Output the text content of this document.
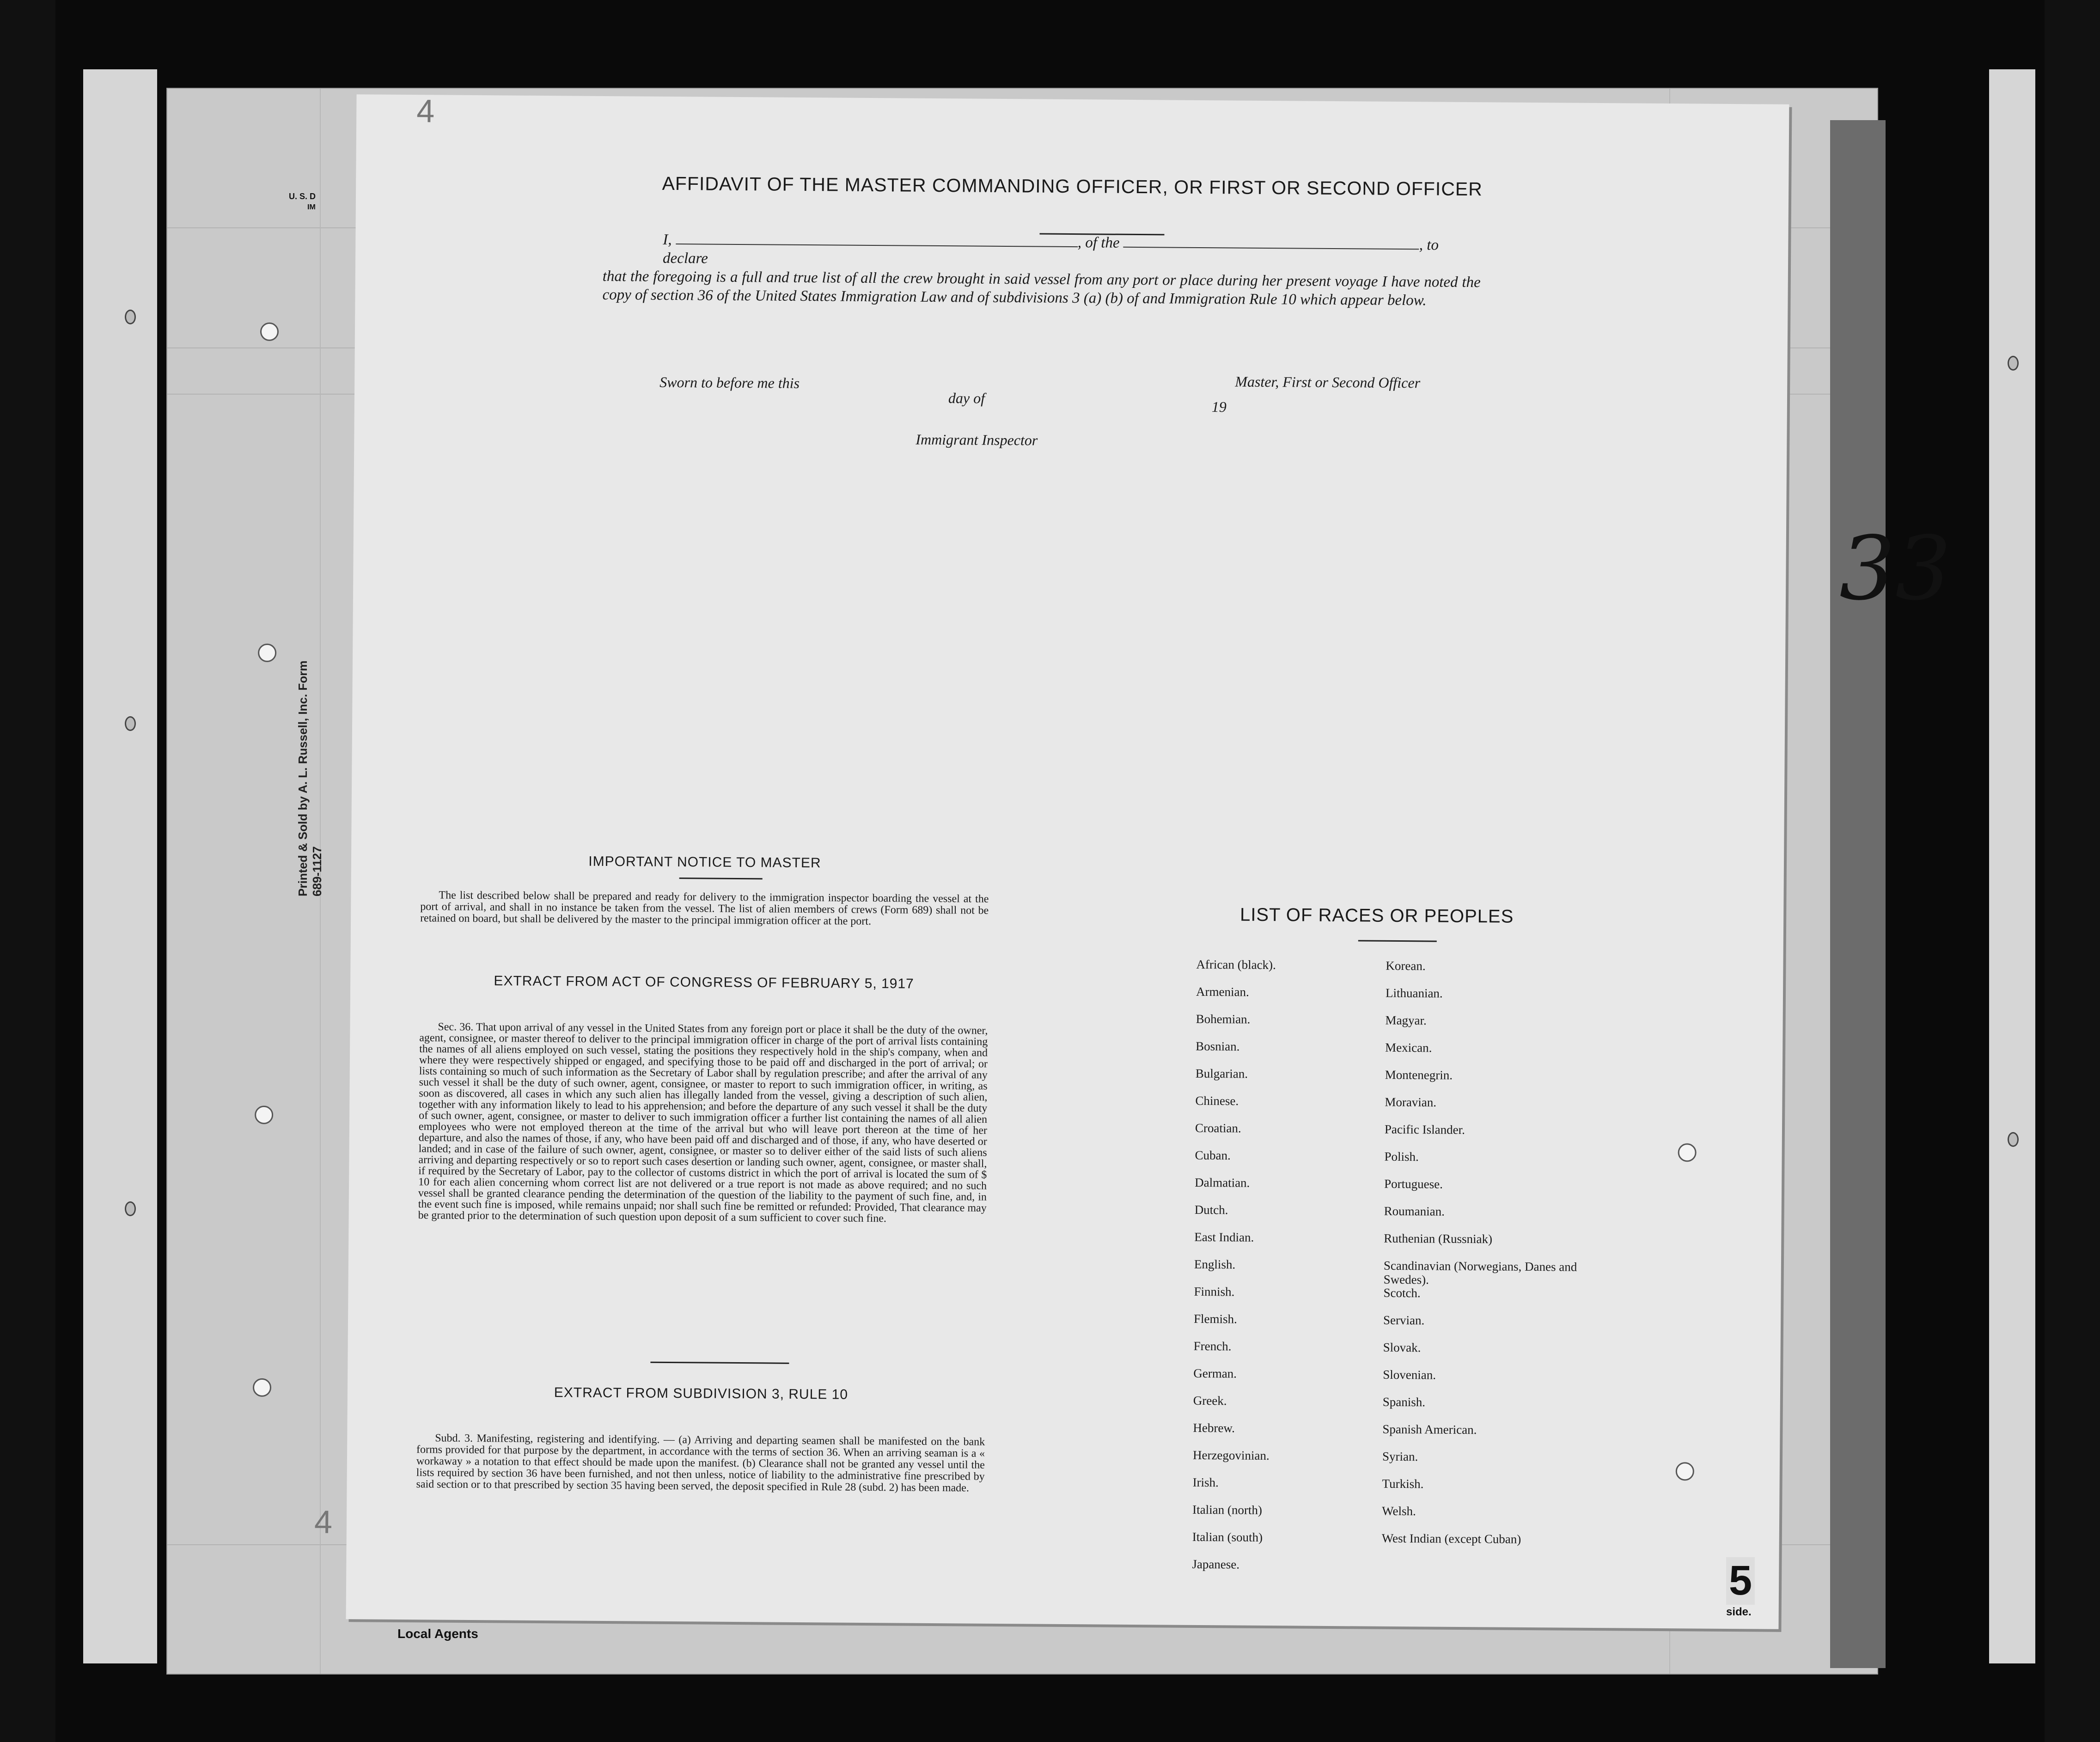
Local Agents
Printed & Sold by A. L. Russell, Inc. Form 689-1127
U. S. D
IM
33
4
AFFIDAVIT OF THE MASTER COMMANDING OFFICER, OR FIRST OR SECOND OFFICER
I,	, of the	, to declare

that the foregoing is a full and true list of all the crew brought in said vessel from any port or place during her present voyage I have noted the copy of section 36 of the United States Immigration Law and of subdivisions 3 (a) (b) of and Immigration Rule 10 which appear below.

Master, First or Second Officer
Sworn to before me this
day of
19
Immigrant Inspector
IMPORTANT NOTICE TO MASTER

The list described below shall be prepared and ready for delivery to the immigration inspector boarding the vessel at the port of arrival, and shall in no instance be taken from the vessel. The list of alien members of crews (Form 689) shall not be retained on board, but shall be delivered by the master to the principal immigration officer at the port.

EXTRACT FROM ACT OF CONGRESS OF FEBRUARY 5, 1917

Sec. 36. That upon arrival of any vessel in the United States from any foreign port or place it shall be the duty of the owner, agent, consignee, or master thereof to deliver to the principal immigration officer in charge of the port of arrival lists containing the names of all aliens employed on such vessel, stating the positions they respectively hold in the ship's company, when and where they were respectively shipped or engaged, and specifying those to be paid off and discharged in the port of arrival; or lists containing so much of such information as the Secretary of Labor shall by regulation prescribe; and after the arrival of any such vessel it shall be the duty of such owner, agent, consignee, or master to report to such immigration officer, in writing, as soon as discovered, all cases in which any such alien has illegally landed from the vessel, giving a description of such alien, together with any information likely to lead to his apprehension; and before the departure of any such vessel it shall be the duty of such owner, agent, consignee, or master to deliver to such immigration officer a further list containing the names of all alien employees who were not employed thereon at the time of the arrival but who will leave port thereon at the time of her departure, and also the names of those, if any, who have been paid off and discharged and of those, if any, who have deserted or landed; and in case of the failure of such owner, agent, consignee, or master so to deliver either of the said lists of such aliens arriving and departing respectively or so to report such cases desertion or landing such owner, agent, consignee, or master shall, if required by the Secretary of Labor, pay to the collector of customs district in which the port of arrival is located the sum of $ 10 for each alien concerning whom correct list are not delivered or a true report is not made as above required; and no such vessel shall be granted clearance pending the determination of the question of the liability to the payment of such fine, and, in the event such fine is imposed, while remains unpaid; nor shall such fine be remitted or refunded: Provided, That clearance may be granted prior to the determination of such question upon deposit of a sum sufficient to cover such fine.

EXTRACT FROM SUBDIVISION 3, RULE 10

Subd. 3. Manifesting, registering and identifying. — (a) Arriving and departing seamen shall be manifested on the bank forms provided for that purpose by the department, in accordance with the terms of section 36. When an arriving seaman is a « workaway » a notation to that effect should be made upon the manifest. (b) Clearance shall not be granted any vessel until the lists required by section 36 have been furnished, and not then unless, notice of liability to the administrative fine prescribed by said section or to that prescribed by section 35 having been served, the deposit specified in Rule 28 (subd. 2) has been made.

LIST OF RACES OR PEOPLES
African (black).
Armenian.
Bohemian.
Bosnian.
Bulgarian.
Chinese.
Croatian.
Cuban.
Dalmatian.
Dutch.
East Indian.
English.
Finnish.
Flemish.
French.
German.
Greek.
Hebrew.
Herzegovinian.
Irish.
Italian (north)
Italian (south)
Japanese.
Korean.
Lithuanian.
Magyar.
Mexican.
Montenegrin.
Moravian.
Pacific Islander.
Polish.
Portuguese.
Roumanian.
Ruthenian (Russniak)
Scandinavian (Norwegians, Danes and Swedes).
Scotch.
Servian.
Slovak.
Slovenian.
Spanish.
Spanish American.
Syrian.
Turkish.
Welsh.
West Indian (except Cuban)
4
5
side.
